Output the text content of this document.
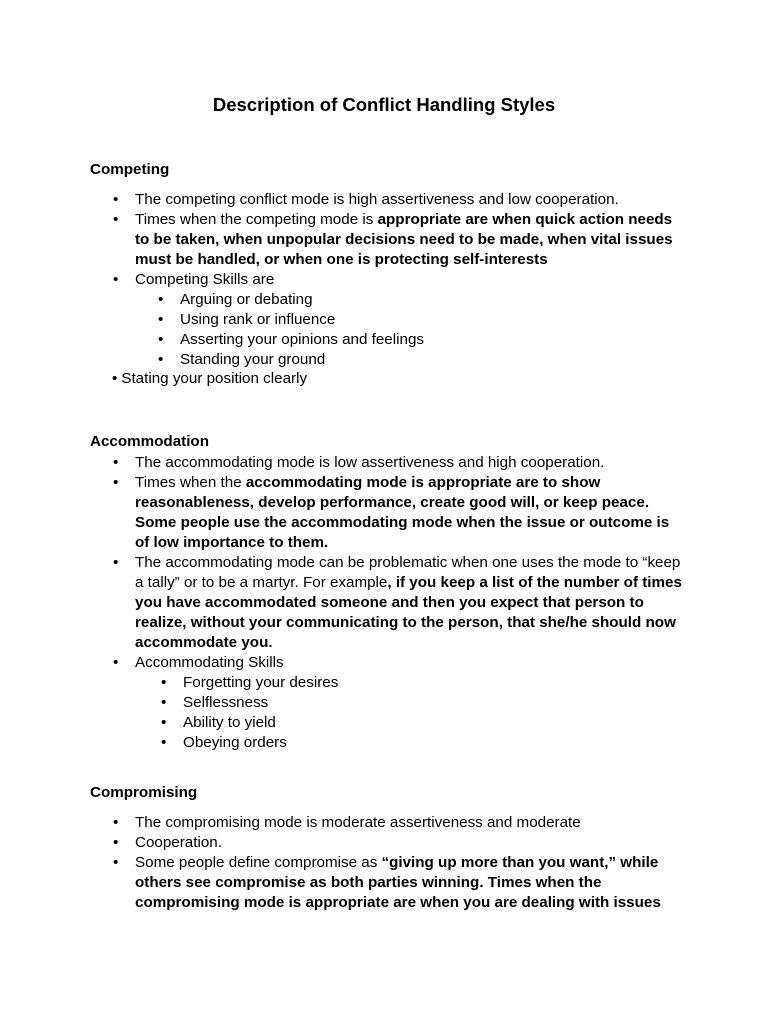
Description of Conflict Handling Styles
Competing
•	The competing conflict mode is high assertiveness and low cooperation.
•	Times when the competing mode is appropriate are when quick action needs to be taken, when unpopular decisions need to be made, when vital issues must be handled, or when one is protecting self-interests
•	Competing Skills are
•	Arguing or debating
•	Using rank or influence
•	Asserting your opinions and feelings
•	Standing your ground
• Stating your position clearly
Accommodation
•	The accommodating mode is low assertiveness and high cooperation.
•	Times when the accommodating mode is appropriate are to show reasonableness, develop performance, create good will, or keep peace. Some people use the accommodating mode when the issue or outcome is of low importance to them.
•	The accommodating mode can be problematic when one uses the mode to “keep a tally” or to be a martyr. For example, if you keep a list of the number of times you have accommodated someone and then you expect that person to realize, without your communicating to the person, that she/he should now accommodate you.
•	Accommodating Skills
•	Forgetting your desires
•	Selflessness
•	Ability to yield
•	Obeying orders
Compromising
•	The compromising mode is moderate assertiveness and moderate
•	Cooperation.
•	Some people define compromise as “giving up more than you want,” while others see compromise as both parties winning. Times when the compromising mode is appropriate are when you are dealing with issues
